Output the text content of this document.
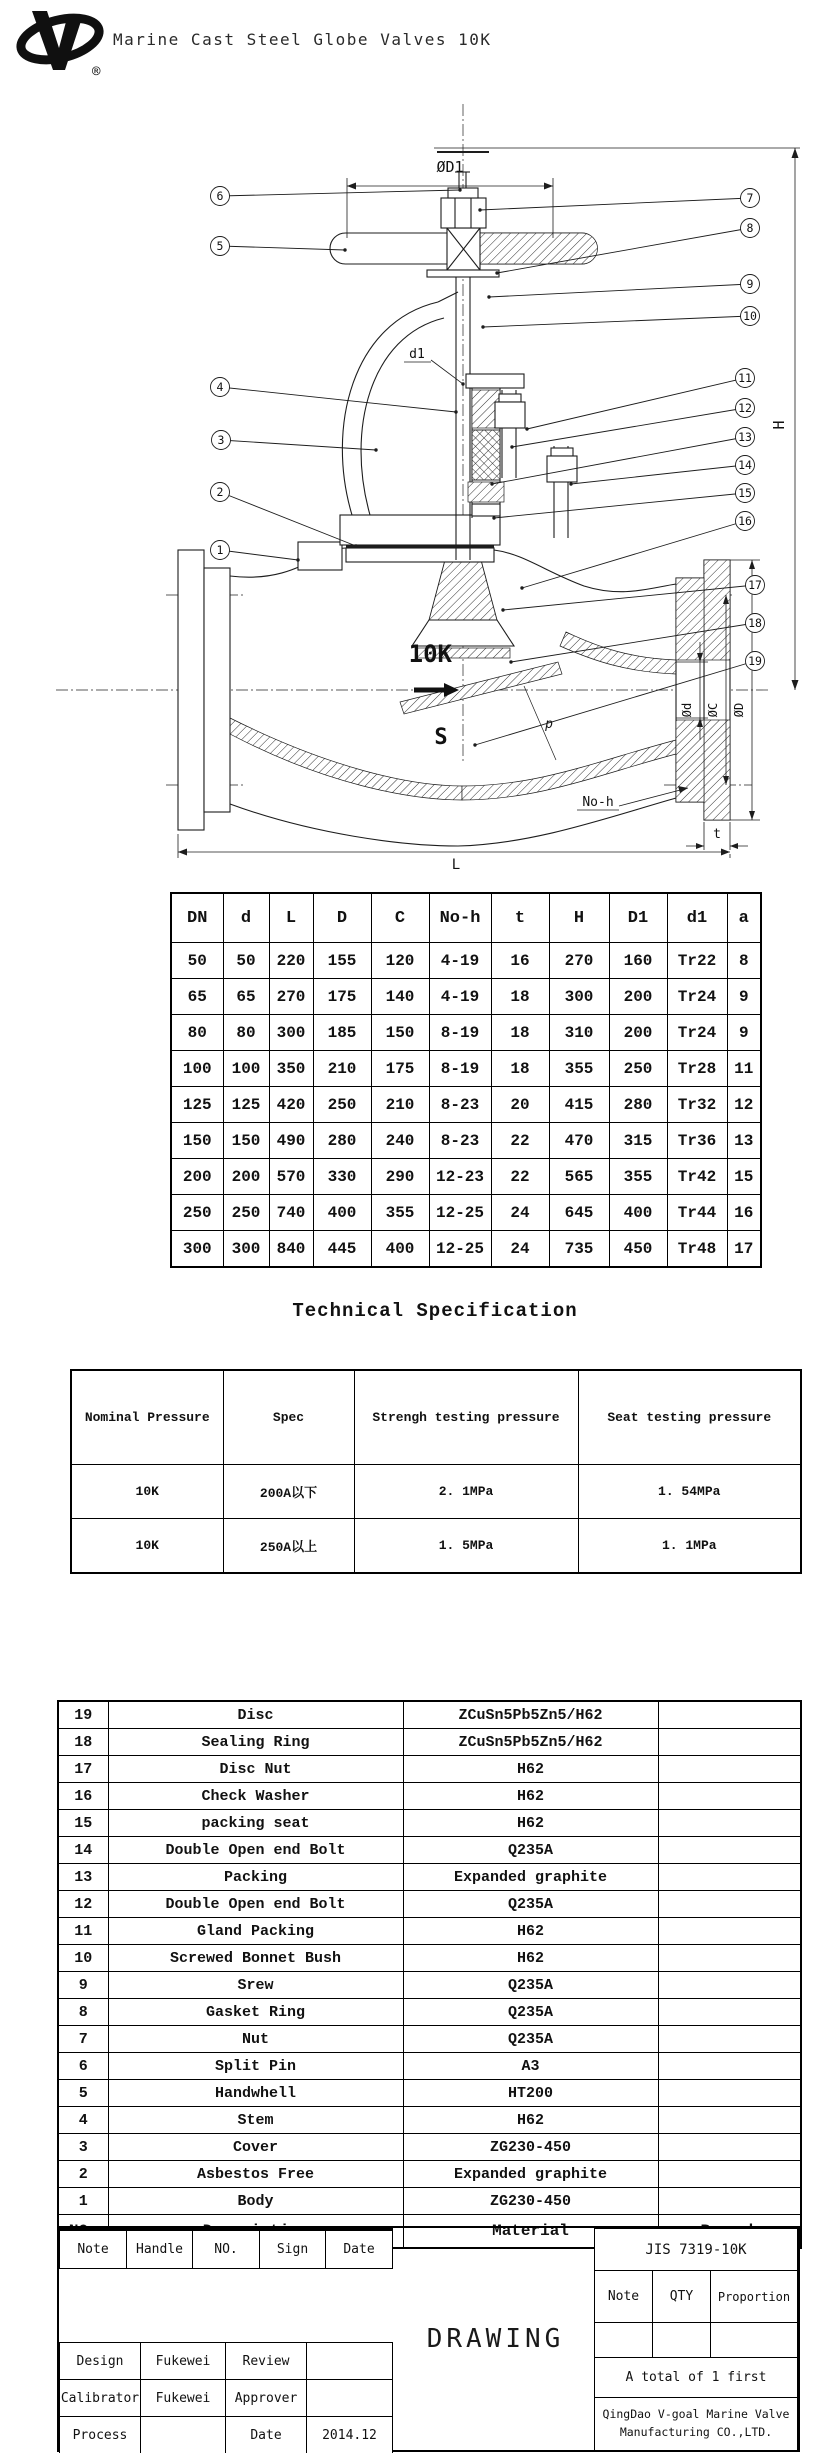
®
Marine Cast Steel Globe Valves 10K
ØD1
H
d1
10K
S
p
Ød ØC ØD
No-h
t
L
6
5
4
3
2
1
7
8
9
10
11
12
13
14
15
16
17
18
19
DN	d	L	D	C	No-h	t	H	D1	d1	a
50	50	220	155	120	4-19	16	270	160	Tr22	8
65	65	270	175	140	4-19	18	300	200	Tr24	9
80	80	300	185	150	8-19	18	310	200	Tr24	9
100	100	350	210	175	8-19	18	355	250	Tr28	11
125	125	420	250	210	8-23	20	415	280	Tr32	12
150	150	490	280	240	8-23	22	470	315	Tr36	13
200	200	570	330	290	12-23	22	565	355	Tr42	15
250	250	740	400	355	12-25	24	645	400	Tr44	16
300	300	840	445	400	12-25	24	735	450	Tr48	17
Technical Specification
Nominal Pressure	Spec	Strengh testing pressure	Seat testing pressure
10K	200A以下	2. 1MPa	1. 54MPa
10K	250A以上	1. 5MPa	1. 1MPa
19	Disc	ZCuSn5Pb5Zn5/H62	
18	Sealing Ring	ZCuSn5Pb5Zn5/H62	
17	Disc Nut	H62	
16	Check Washer	H62	
15	packing seat	H62	
14	Double Open end Bolt	Q235A	
13	Packing	Expanded graphite	
12	Double Open end Bolt	Q235A	
11	Gland Packing	H62	
10	Screwed Bonnet Bush	H62	
9	Srew	Q235A	
8	Gasket Ring	Q235A	
7	Nut	Q235A	
6	Split Pin	A3	
5	Handwhell	HT200	
4	Stem	H62	
3	Cover	ZG230-450	
2	Asbestos Free	Expanded graphite	
1	Body	ZG230-450	
		Material	

Note	Handle	NO.	Sign	Date
Design	Fukewei	Review	
Calibrator	Fukewei	Approver	
Process		Date	2014.12
DRAWING
JIS 7319-10K		
Note	QTY	Proportion

A total of 1 first		

QingDao V-goal Marine Valve
Manufacturing CO.,LTD.		
